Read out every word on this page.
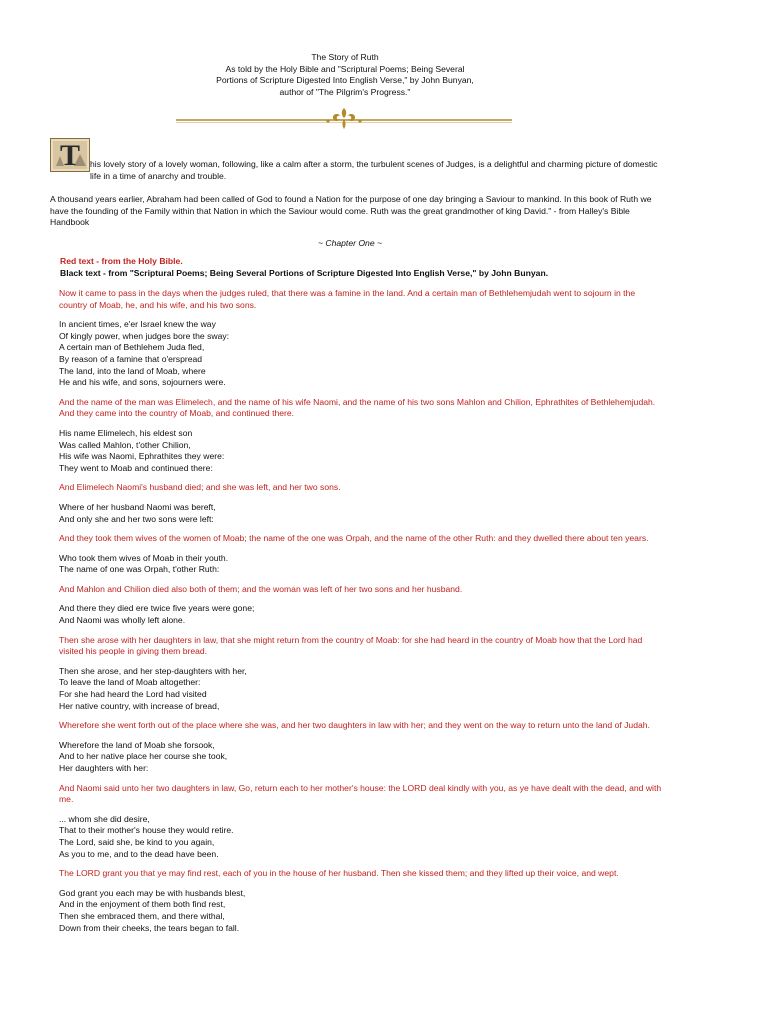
The Story of Ruth
As told by the Holy Bible and "Scriptural Poems; Being Several
Portions of Scripture Digested Into English Verse," by John Bunyan,
author of "The Pilgrim's Progress."
T	his lovely story of a lovely woman, following, like a calm after a storm, the turbulent scenes of Judges, is a delightful and charming picture of domestic life in a time of anarchy and trouble.

A thousand years earlier, Abraham had been called of God to found a Nation for the purpose of one day bringing a Saviour to mankind. In this book of Ruth we have the founding of the Family within that Nation in which the Saviour would come. Ruth was the great grandmother of king David." - from Halley's Bible Handbook

~ Chapter One ~
Red text - from the Holy Bible.
Black text - from "Scriptural Poems; Being Several Portions of Scripture Digested Into English Verse," by John Bunyan.

Now it came to pass in the days when the judges ruled, that there was a famine in the land. And a certain man of Bethlehemjudah went to sojourn in the country of Moab, he, and his wife, and his two sons.

In ancient times, e'er Israel knew the way
Of kingly power, when judges bore the sway:
A certain man of Bethlehem Juda fled,
By reason of a famine that o'erspread
The land, into the land of Moab, where
He and his wife, and sons, sojourners were.

And the name of the man was Elimelech, and the name of his wife Naomi, and the name of his two sons Mahlon and Chilion, Ephrathites of Bethlehemjudah. And they came into the country of Moab, and continued there.

His name Elimelech, his eldest son
Was called Mahlon, t'other Chilion,
His wife was Naomi, Ephrathites they were:
They went to Moab and continued there:

And Elimelech Naomi's husband died; and she was left, and her two sons.

Where of her husband Naomi was bereft,
And only she and her two sons were left:

And they took them wives of the women of Moab; the name of the one was Orpah, and the name of the other Ruth: and they dwelled there about ten years.

Who took them wives of Moab in their youth.
The name of one was Orpah, t'other Ruth:

And Mahlon and Chilion died also both of them; and the woman was left of her two sons and her husband.

And there they died ere twice five years were gone;
And Naomi was wholly left alone.

Then she arose with her daughters in law, that she might return from the country of Moab: for she had heard in the country of Moab how that the Lord had visited his people in giving them bread.

Then she arose, and her step-daughters with her,
To leave the land of Moab altogether:
For she had heard the Lord had visited
Her native country, with increase of bread,

Wherefore she went forth out of the place where she was, and her two daughters in law with her; and they went on the way to return unto the land of Judah.

Wherefore the land of Moab she forsook,
And to her native place her course she took,
Her daughters with her:

And Naomi said unto her two daughters in law, Go, return each to her mother's house: the LORD deal kindly with you, as ye have dealt with the dead, and with me.

... whom she did desire,
That to their mother's house they would retire.
The Lord, said she, be kind to you again,
As you to me, and to the dead have been.

The LORD grant you that ye may find rest, each of you in the house of her husband. Then she kissed them; and they lifted up their voice, and wept.

God grant you each may be with husbands blest,
And in the enjoyment of them both find rest,
Then she embraced them, and there withal,
Down from their cheeks, the tears began to fall.
